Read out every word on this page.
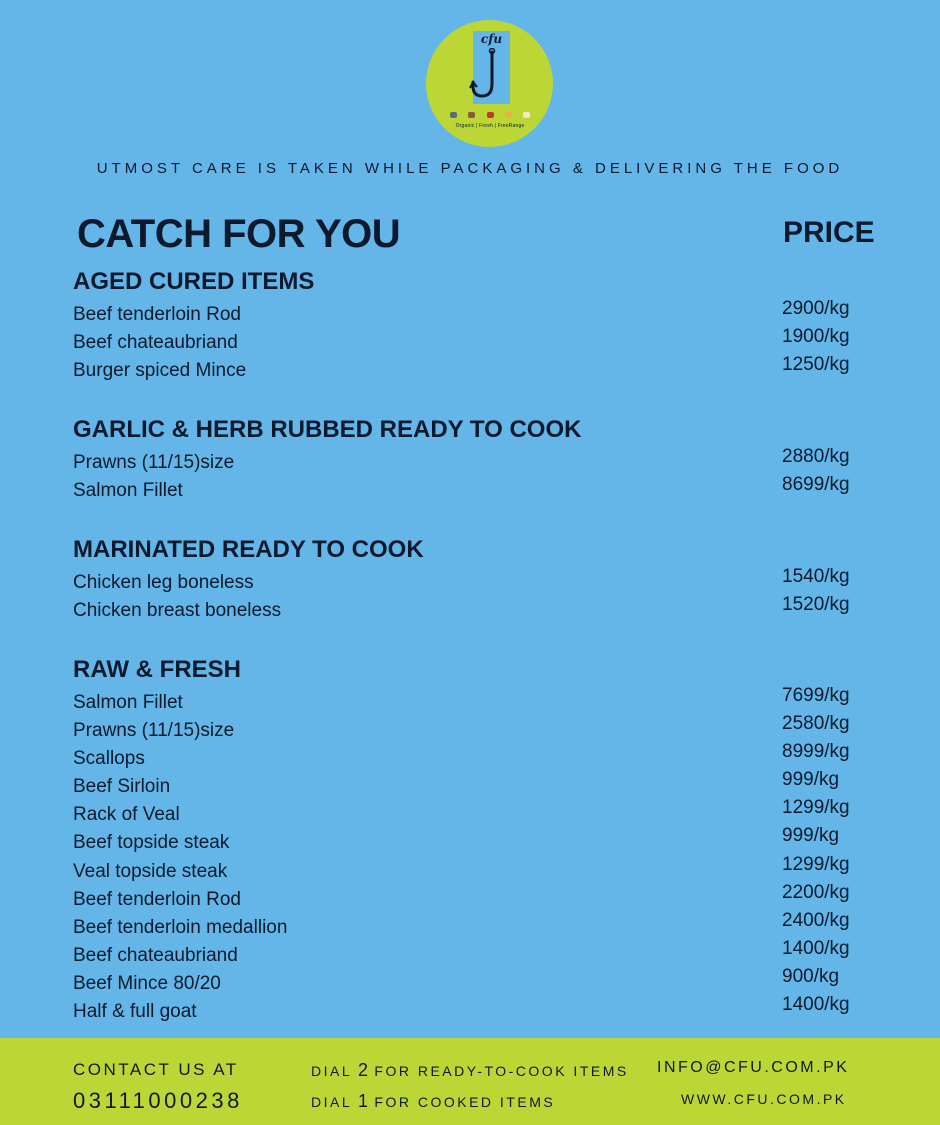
cfu
Organic | Fresh | FreeRange
UTMOST CARE IS TAKEN WHILE PACKAGING & DELIVERING THE FOOD
CATCH FOR YOU	PRICE
AGED CURED ITEMS
Beef tenderloin Rod	2900/kg
Beef chateaubriand	1900/kg
Burger spiced Mince	1250/kg
GARLIC & HERB RUBBED READY TO COOK
Prawns (11/15)size	2880/kg
Salmon Fillet	8699/kg
MARINATED READY TO COOK
Chicken leg boneless	1540/kg
Chicken breast boneless	1520/kg
RAW & FRESH
Salmon Fillet	7699/kg
Prawns (11/15)size	2580/kg
Scallops	8999/kg
Beef Sirloin	999/kg
Rack of Veal	1299/kg
Beef topside steak	999/kg
Veal topside steak	1299/kg
Beef tenderloin Rod	2200/kg
Beef tenderloin medallion	2400/kg
Beef chateaubriand	1400/kg
Beef Mince 80/20	900/kg
Half & full goat	1400/kg
CONTACT US AT
03111000238
DIAL 2 FOR READY-TO-COOK ITEMS
DIAL 1 FOR COOKED ITEMS
INFO@CFU.COM.PK
WWW.CFU.COM.PK
